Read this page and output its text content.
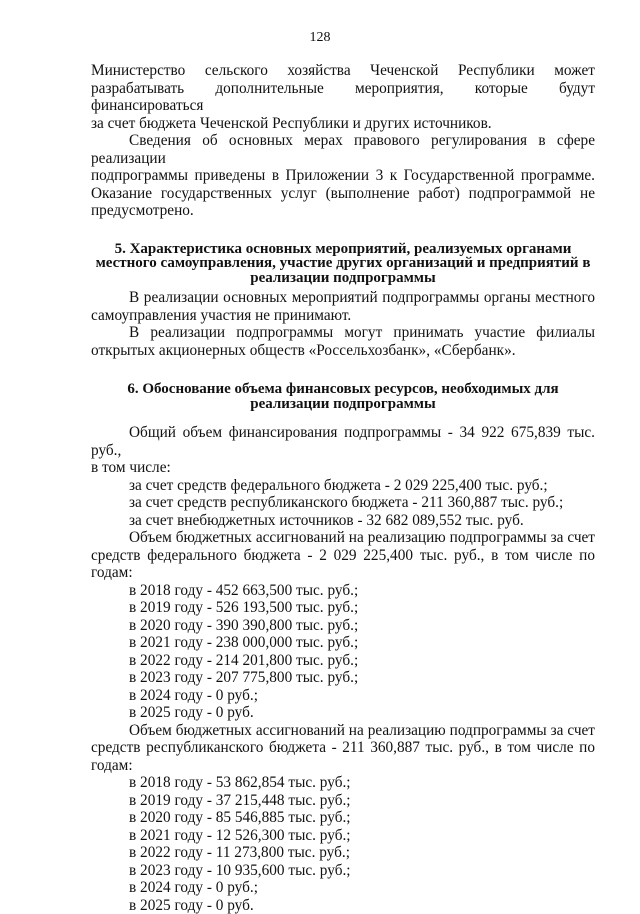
128

Министерство сельского хозяйства Чеченской Республики может

разрабатывать дополнительные мероприятия, которые будут финансироваться

за счет бюджета Чеченской Республики и других источников.

Сведения об основных мерах правового регулирования в сфере реализации

подпрограммы приведены в Приложении 3 к Государственной программе.

Оказание государственных услуг (выполнение работ) подпрограммой не

предусмотрено.

5. Характеристика основных мероприятий, реализуемых органами
местного самоуправления, участие других организаций и предприятий в
реализации подпрограммы

В реализации основных мероприятий подпрограммы органы местного

самоуправления участия не принимают.

В реализации подпрограммы могут принимать участие филиалы

открытых акционерных обществ «Россельхозбанк», «Сбербанк».

6. Обоснование объема финансовых ресурсов, необходимых для
реализации подпрограммы

Общий объем финансирования подпрограммы - 34 922 675,839 тыс. руб.,

в том числе:

за счет средств федерального бюджета - 2 029 225,400 тыс. руб.;

за счет средств республиканского бюджета - 211 360,887 тыс. руб.;

за счет внебюджетных источников - 32 682 089,552 тыс. руб.

Объем бюджетных ассигнований на реализацию подпрограммы за счет

средств федерального бюджета - 2 029 225,400 тыс. руб., в том числе по годам:

в 2018 году - 452 663,500 тыс. руб.;

в 2019 году - 526 193,500 тыс. руб.;

в 2020 году - 390 390,800 тыс. руб.;

в 2021 году - 238 000,000 тыс. руб.;

в 2022 году - 214 201,800 тыс. руб.;

в 2023 году - 207 775,800 тыс. руб.;

в 2024 году - 0 руб.;

в 2025 году - 0 руб.

Объем бюджетных ассигнований на реализацию подпрограммы за счет

средств республиканского бюджета - 211 360,887 тыс. руб., в том числе по

годам:

в 2018 году - 53 862,854 тыс. руб.;

в 2019 году - 37 215,448 тыс. руб.;

в 2020 году - 85 546,885 тыс. руб.;

в 2021 году - 12 526,300 тыс. руб.;

в 2022 году - 11 273,800 тыс. руб.;

в 2023 году - 10 935,600 тыс. руб.;

в 2024 году - 0 руб.;

в 2025 году - 0 руб.
